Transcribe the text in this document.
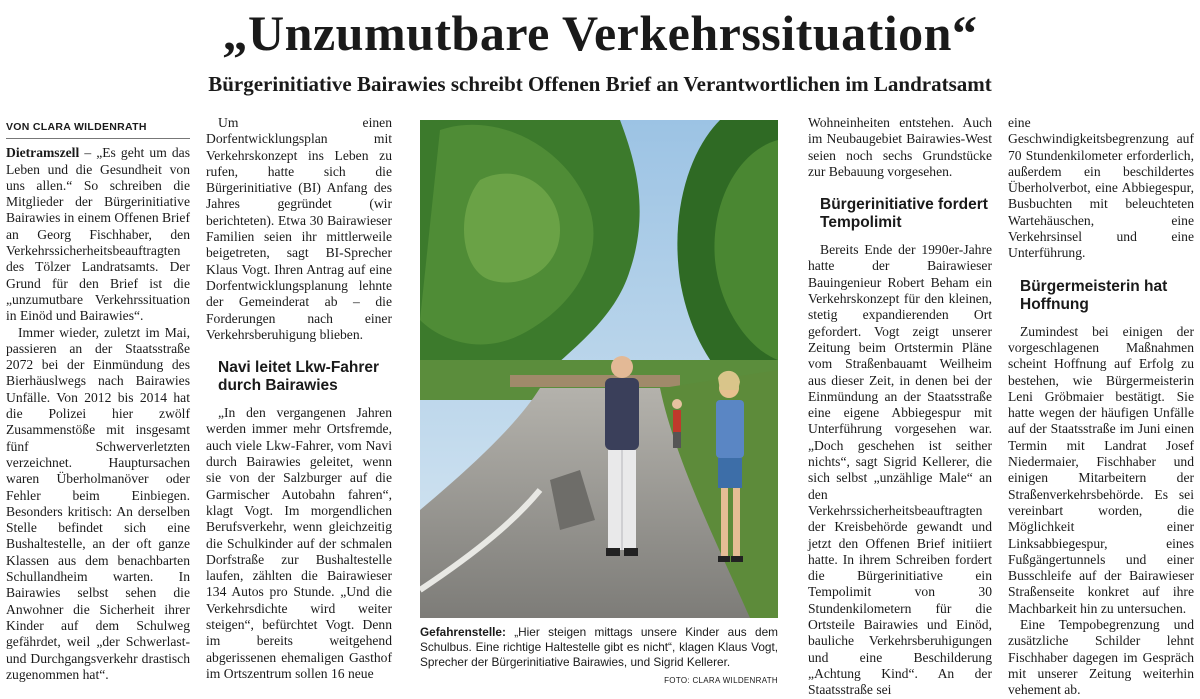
„Unzumutbare Verkehrssituation“
Bürgerinitiative Bairawies schreibt Offenen Brief an Verantwortlichen im Landratsamt
VON CLARA WILDENRATH

Dietramszell – „Es geht um das Leben und die Gesundheit von uns allen.“ So schreiben die Mitglieder der Bürgerinitiative Bairawies in einem Offenen Brief an Georg Fischhaber, den Verkehrssicherheitsbeauftragten des Tölzer Landratsamts. Der Grund für den Brief ist die „unzumutbare Verkehrssituation in Einöd und Bairawies“.

Immer wieder, zuletzt im Mai, passieren an der Staatsstraße 2072 bei der Einmündung des Bierhäuslwegs nach Bairawies Unfälle. Von 2012 bis 2014 hat die Polizei hier zwölf Zusammenstöße mit insgesamt fünf Schwerverletzten verzeichnet. Hauptursachen waren Überholmanöver oder Fehler beim Einbiegen. Besonders kritisch: An derselben Stelle befindet sich eine Bushaltestelle, an der oft ganze Klassen aus dem benachbarten Schullandheim warten. In Bairawies selbst sehen die Anwohner die Sicherheit ihrer Kinder auf dem Schulweg gefährdet, weil „der Schwerlast- und Durchgangsverkehr drastisch zugenommen hat“.

Um einen Dorfentwicklungsplan mit Verkehrskonzept ins Leben zu rufen, hatte sich die Bürgerinitiative (BI) Anfang des Jahres gegründet (wir berichteten). Etwa 30 Bairawieser Familien seien ihr mittlerweile beigetreten, sagt BI-Sprecher Klaus Vogt. Ihren Antrag auf eine Dorfentwicklungsplanung lehnte der Gemeinderat ab – die Forderungen nach einer Verkehrsberuhigung blieben.

Navi leitet Lkw-Fahrer durch Bairawies

„In den vergangenen Jahren werden immer mehr Ortsfremde, auch viele Lkw-Fahrer, vom Navi durch Bairawies geleitet, wenn sie von der Salzburger auf die Garmischer Autobahn fahren“, klagt Vogt. Im morgendlichen Berufsverkehr, wenn gleichzeitig die Schulkinder auf der schmalen Dorfstraße zur Bushaltestelle laufen, zählten die Bairawieser 134 Autos pro Stunde. „Und die Verkehrsdichte wird weiter steigen“, befürchtet Vogt. Denn im bereits weitgehend abgerissenen ehemaligen Gasthof im Ortszentrum sollen 16 neue

Gefahrenstelle: „Hier steigen mittags unsere Kinder aus dem Schulbus. Eine richtige Haltestelle gibt es nicht“, klagen Klaus Vogt, Sprecher der Bürgerinitiative Bairawies, und Sigrid Kellerer.
FOTO: CLARA WILDENRATH

Wohneinheiten entstehen. Auch im Neubaugebiet Bairawies-West seien noch sechs Grundstücke zur Bebauung vorgesehen.

Bürgerinitiative fordert Tempolimit

Bereits Ende der 1990er-Jahre hatte der Bairawieser Bauingenieur Robert Beham ein Verkehrskonzept für den kleinen, stetig expandierenden Ort gefordert. Vogt zeigt unserer Zeitung beim Ortstermin Pläne vom Straßenbauamt Weilheim aus dieser Zeit, in denen bei der Einmündung an der Staatsstraße eine eigene Abbiegespur mit Unterführung vorgesehen war. „Doch geschehen ist seither nichts“, sagt Sigrid Kellerer, die sich selbst „unzählige Male“ an den Verkehrssicherheitsbeauftragten der Kreisbehörde gewandt und jetzt den Offenen Brief initiiert hatte. In ihrem Schreiben fordert die Bürgerinitiative ein Tempolimit von 30 Stundenkilometern für die Ortsteile Bairawies und Einöd, bauliche Verkehrsberuhigungen und eine Beschilderung „Achtung Kind“. An der Staatsstraße sei

eine Geschwindigkeitsbegrenzung auf 70 Stundenkilometer erforderlich, außerdem ein beschildertes Überholverbot, eine Abbiegespur, Busbuchten mit beleuchteten Wartehäuschen, eine Verkehrsinsel und eine Unterführung.

Bürgermeisterin hat Hoffnung

Zumindest bei einigen der vorgeschlagenen Maßnahmen scheint Hoffnung auf Erfolg zu bestehen, wie Bürgermeisterin Leni Gröbmaier bestätigt. Sie hatte wegen der häufigen Unfälle auf der Staatsstraße im Juni einen Termin mit Landrat Josef Niedermaier, Fischhaber und einigen Mitarbeitern der Straßenverkehrsbehörde. Es sei vereinbart worden, die Möglichkeit einer Linksabbiegespur, eines Fußgängertunnels und einer Busschleife auf der Bairawieser Straßenseite konkret auf ihre Machbarkeit hin zu untersuchen.

Eine Tempobegrenzung und zusätzliche Schilder lehnt Fischhaber dagegen im Gespräch mit unserer Zeitung weiterhin vehement ab.
